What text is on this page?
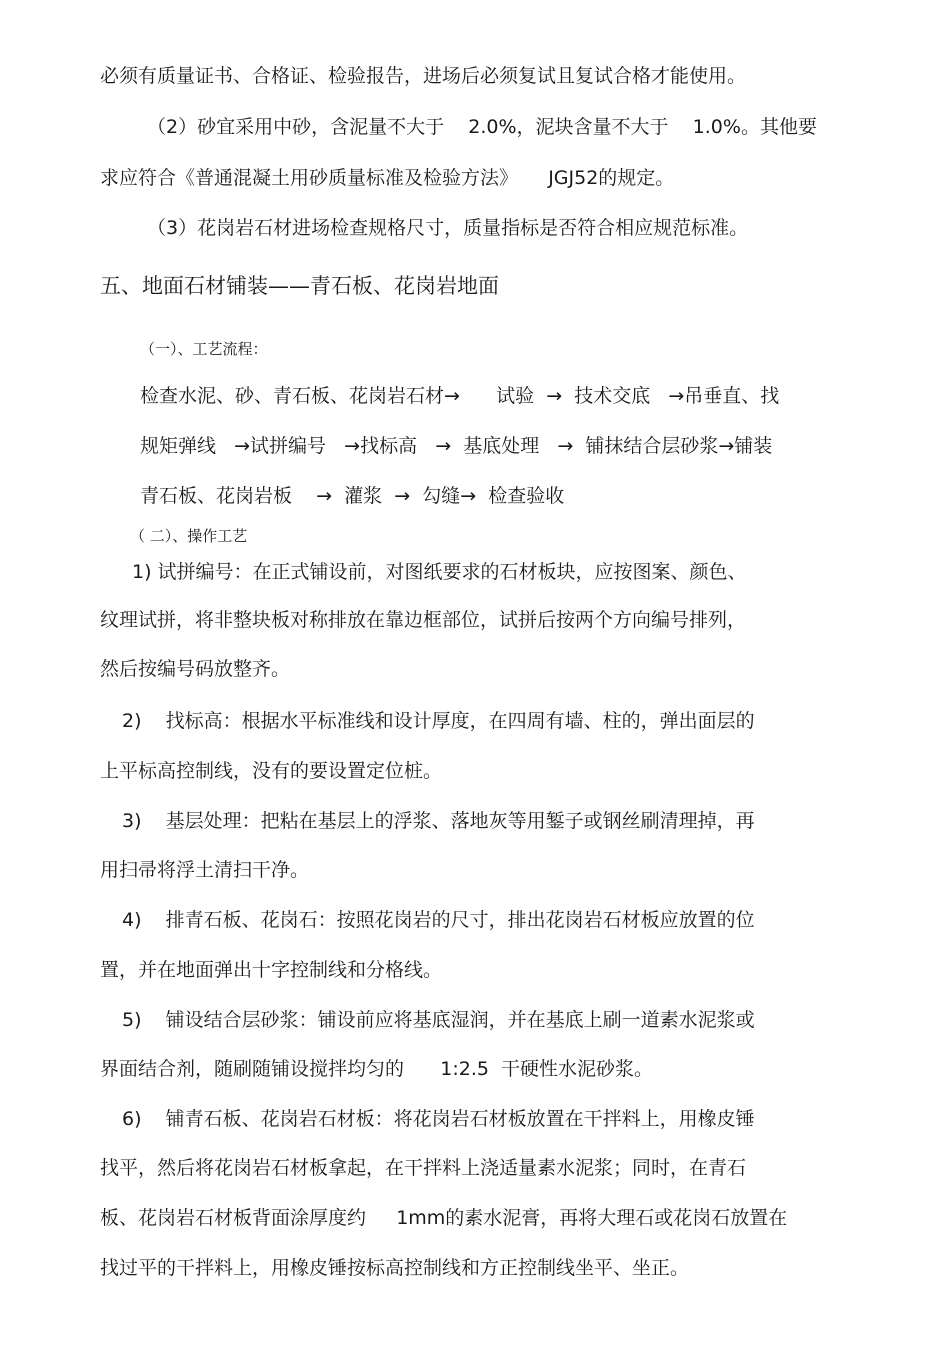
必须有质量证书、合格证、检验报告，进场后必须复试且复试合格才能使用。
（2）砂宜采用中砂，含泥量不大于    2.0%，泥块含量不大于    1.0%。其他要
求应符合《普通混凝土用砂质量标准及检验方法》     JGJ52的规定。
（3）花岗岩石材进场检查规格尺寸，质量指标是否符合相应规范标准。
五、地面石材铺装——青石板、花岗岩地面
（一）、工艺流程：
检查水泥、砂、青石板、花岗岩石材→      试验  →  技术交底   →吊垂直、找
规矩弹线   →试拼编号   →找标高   →  基底处理   →  铺抹结合层砂浆→铺装
青石板、花岗岩板    →  灌浆  →  勾缝→  检查验收
（ 二）、操作工艺
1) 试拼编号：在正式铺设前，对图纸要求的石材板块，应按图案、颜色、
纹理试拼，将非整块板对称排放在靠边框部位，试拼后按两个方向编号排列，
然后按编号码放整齐。
2)    找标高：根据水平标准线和设计厚度，在四周有墙、柱的，弹出面层的
上平标高控制线，没有的要设置定位桩。
3)    基层处理：把粘在基层上的浮浆、落地灰等用錾子或钢丝刷清理掉，再
用扫帚将浮土清扫干净。
4)    排青石板、花岗石：按照花岗岩的尺寸，排出花岗岩石材板应放置的位
置，并在地面弹出十字控制线和分格线。
5)    铺设结合层砂浆：铺设前应将基底湿润，并在基底上刷一道素水泥浆或
界面结合剂，随刷随铺设搅拌均匀的      1:2.5  干硬性水泥砂浆。
6)    铺青石板、花岗岩石材板：将花岗岩石材板放置在干拌料上，用橡皮锤
找平，然后将花岗岩石材板拿起，在干拌料上浇适量素水泥浆；同时，在青石
板、花岗岩石材板背面涂厚度约     1mm的素水泥膏，再将大理石或花岗石放置在
找过平的干拌料上，用橡皮锤按标高控制线和方正控制线坐平、坐正。
